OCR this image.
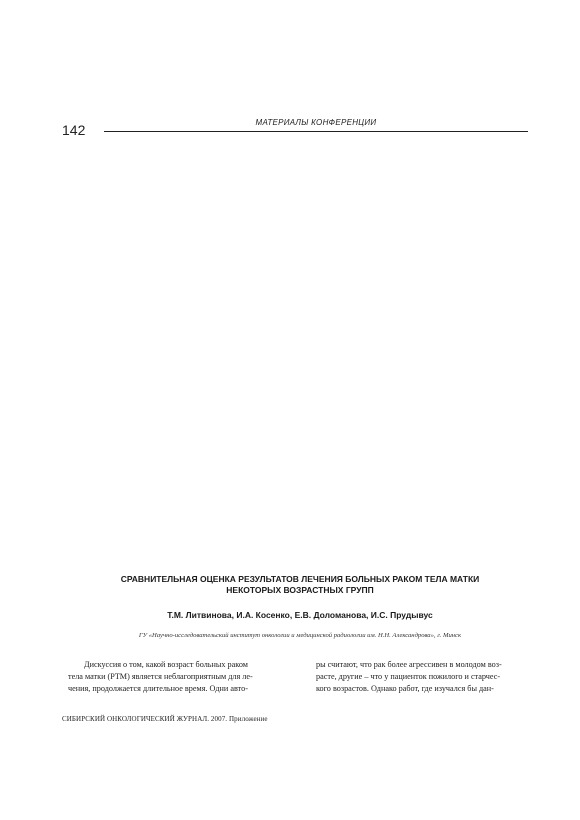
142	МАТЕРИАЛЫ КОНФЕРЕНЦИИ
СРАВНИТЕЛЬНАЯ ОЦЕНКА РЕЗУЛЬТАТОВ ЛЕЧЕНИЯ БОЛЬНЫХ РАКОМ ТЕЛА МАТКИ
НЕКОТОРЫХ ВОЗРАСТНЫХ ГРУПП
Т.М. Литвинова, И.А. Косенко, Е.В. Доломанова, И.С. Прудывус
ГУ «Научно-исследовательский институт онкологии и медицинской радиологии им. Н.Н. Александрова», г. Минск
Дискуссия о том, какой возраст больных раком
тела матки (РТМ) является неблагоприятным для ле-
чения, продолжается длительное время. Одни авто-
ры считают, что рак более агрессивен в молодом воз-
расте, другие – что у пациенток пожилого и старчес-
кого возрастов. Однако работ, где изучался бы дан-
СИБИРСКИЙ ОНКОЛОГИЧЕСКИЙ ЖУРНАЛ. 2007. Приложение
